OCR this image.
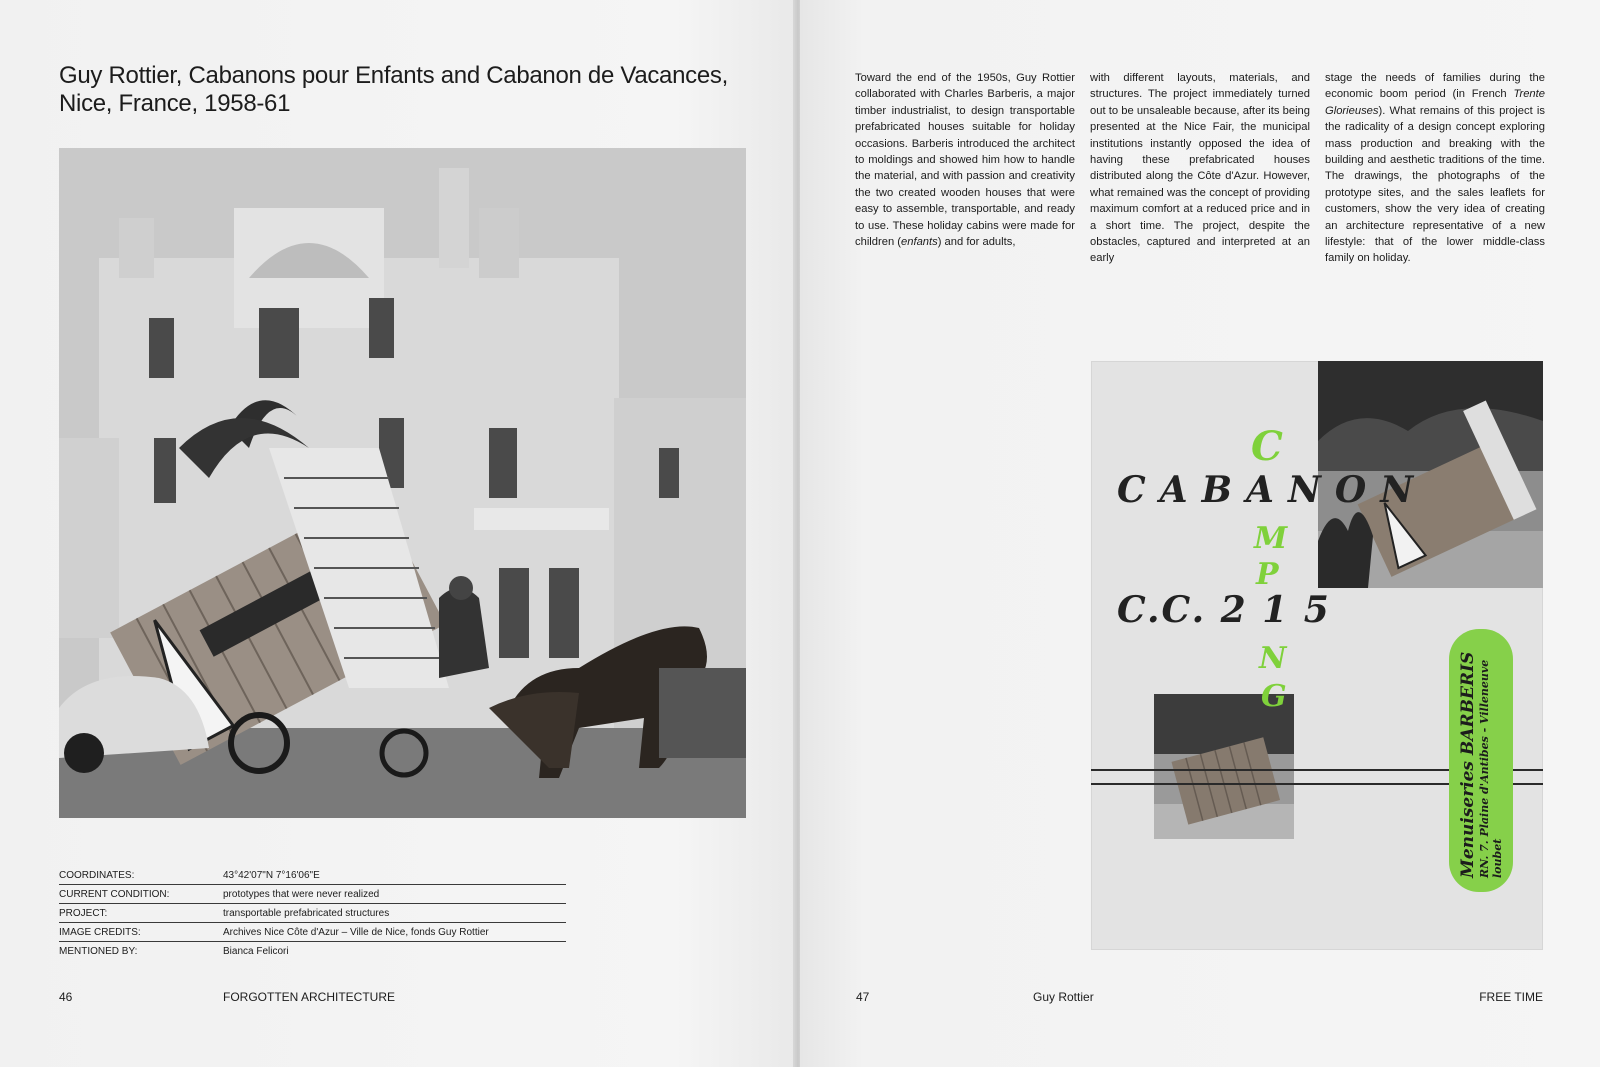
Guy Rottier, Cabanons pour Enfants and Cabanon de Vacances,
Nice, France, 1958-61
COORDINATES:	43°42'07"N 7°16'06"E
CURRENT CONDITION:	prototypes that were never realized
PROJECT:	transportable prefabricated structures
IMAGE CREDITS:	Archives Nice Côte d'Azur – Ville de Nice, fonds Guy Rottier
MENTIONED BY:	Bianca Felicori
46	FORGOTTEN ARCHITECTURE

Toward the end of the 1950s, Guy Rottier collaborated with Charles Barberis, a major timber industrialist, to design transportable prefabricated houses suitable for holiday occasions. Barberis introduced the architect to moldings and showed him how to handle the material, and with passion and creativity the two created wooden houses that were easy to assemble, transportable, and ready to use. These holiday cabins were made for children (enfants) and for adults,

with different layouts, materials, and structures. The project immediately turned out to be unsaleable because, after its being presented at the Nice Fair, the municipal institutions instantly opposed the idea of having these prefabricated houses distributed along the Côte d'Azur. However, what remained was the concept of providing maximum comfort at a reduced price and in a short time. The project, despite the obstacles, captured and interpreted at an early

stage the needs of families during the economic boom period (in French Trente Glorieuses). What remains of this project is the radicality of a design concept exploring mass production and breaking with the building and aesthetic traditions of the time. The drawings, the photographs of the prototype sites, and the sales leaflets for customers, show the very idea of creating an architecture representative of a new lifestyle: that of the lower middle-class family on holiday.

47	Guy Rottier	FREE TIME
CABANON
C
M
P
N
G
C.C. 2 1 5
Menuiseries BARBERIS RN. 7. Plaine d'Antibes - Villeneuve loubet
